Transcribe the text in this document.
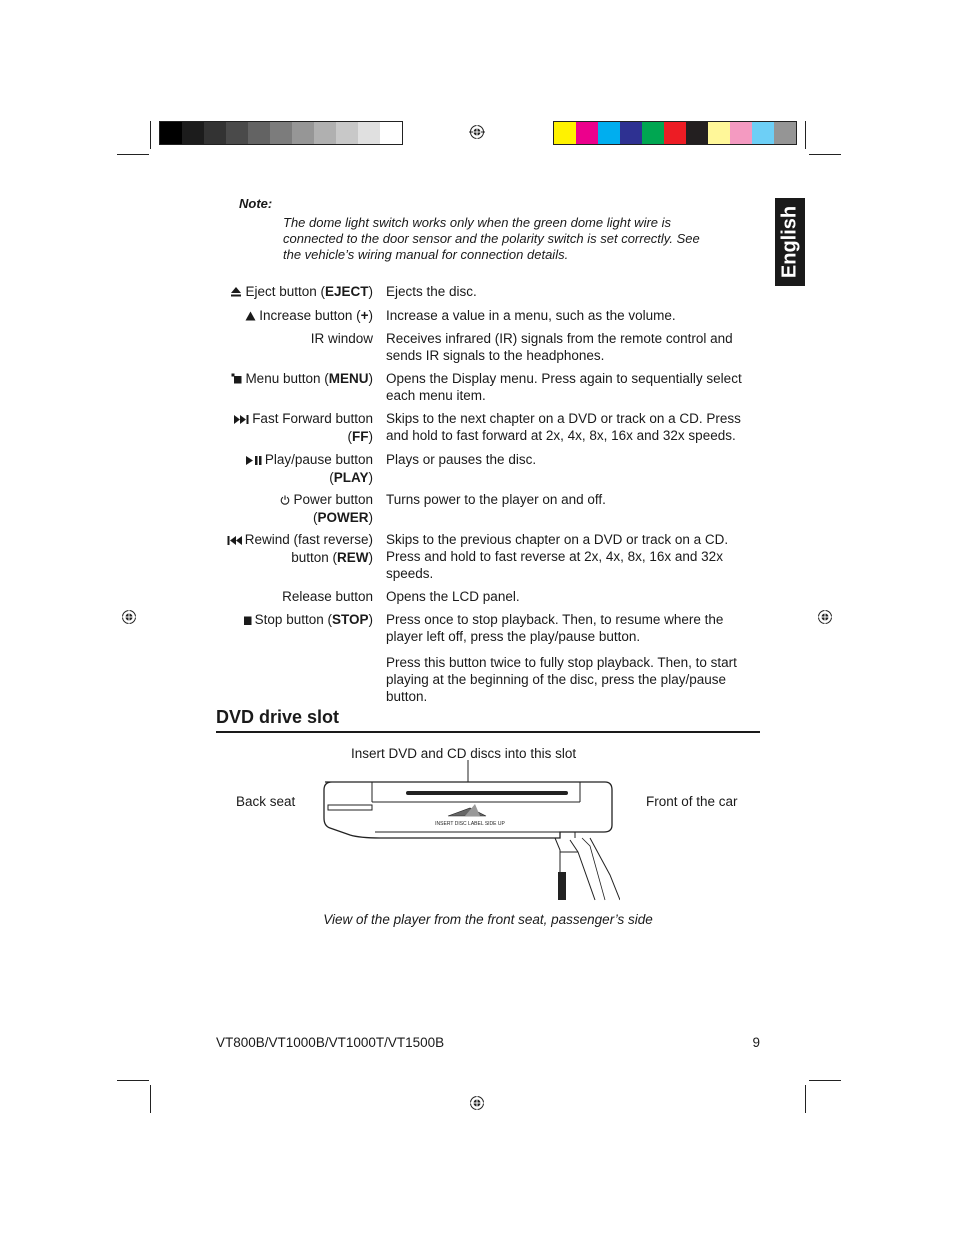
English
Note:
The dome light switch works only when the green dome light wire is connected to the door sensor and the polarity switch is set correctly. See the vehicle’s wiring manual for connection details.
Eject button (EJECT) Ejects the disc.
Increase button (+) Increase a value in a menu, such as the volume.
IR window Receives infrared (IR) signals from the remote control and sends IR signals to the headphones.
Menu button (MENU) Opens the Display menu. Press again to sequentially select each menu item.
Fast Forward button
(FF)
Skips to the next chapter on a DVD or track on a CD. Press and hold to fast forward at 2x, 4x, 8x, 16x and 32x speeds.
Play/pause button
(PLAY)
Plays or pauses the disc.
Power button
(POWER)
Turns power to the player on and off.
Rewind (fast reverse)
button (REW)
Skips to the previous chapter on a DVD or track on a CD. Press and hold to fast reverse at 2x, 4x, 8x, 16x and 32x speeds.
Release button Opens the LCD panel.
Stop button (STOP) Press once to stop playback. Then, to resume where the player left off, press the play/pause button.
Press this button twice to fully stop playback. Then, to start playing at the beginning of the disc, press the play/pause button.
DVD drive slot
Insert DVD and CD discs into this slot
Back seat	Front of the car
INSERT DISC LABEL SIDE UP
View of the player from the front seat, passenger’s side
VT800B/VT1000B/VT1000T/VT1500B	9
